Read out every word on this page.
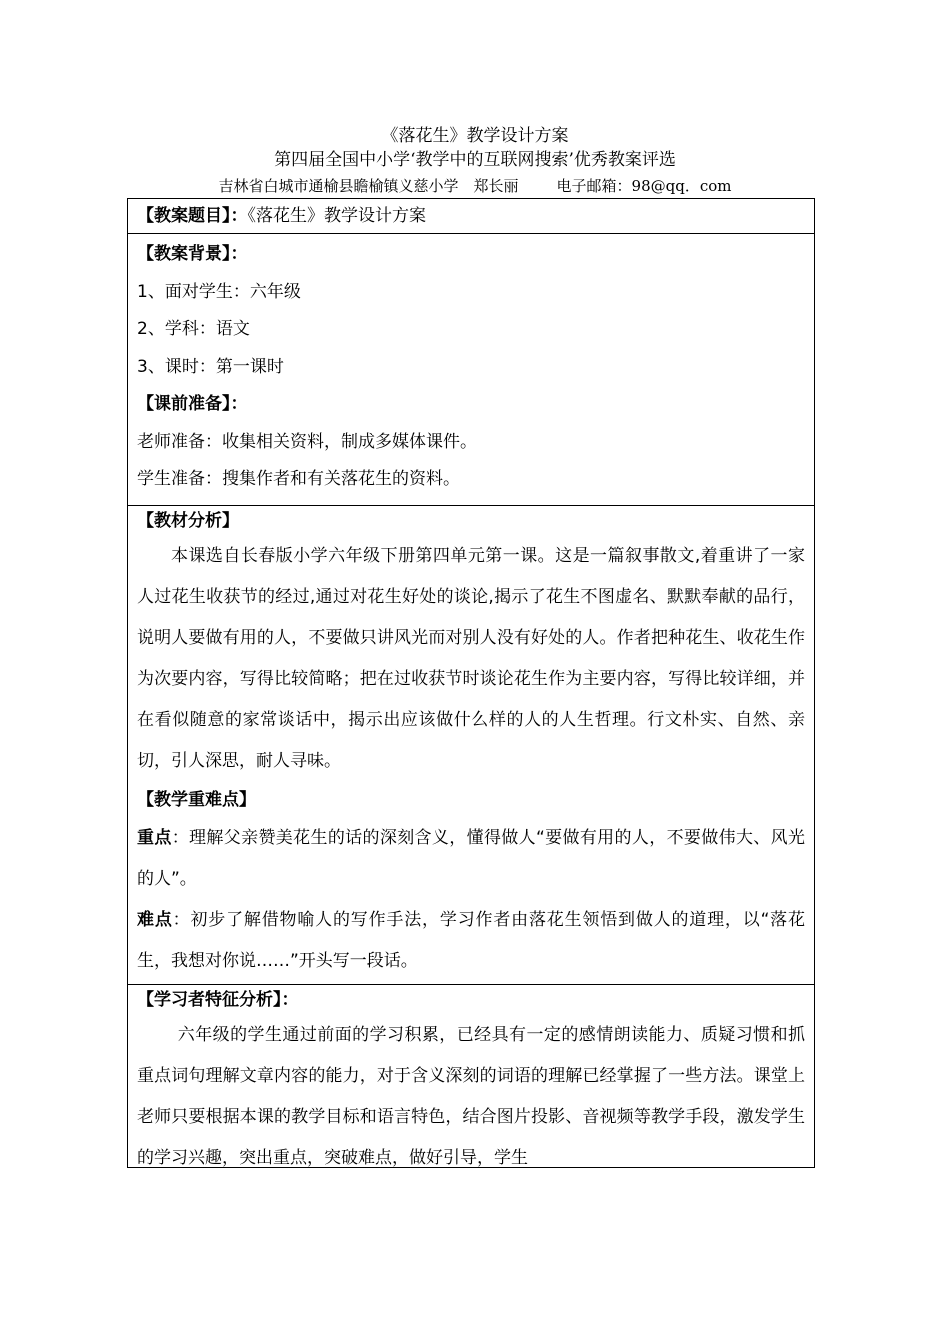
《落花生》教学设计方案
第四届全国中小学‘教学中的互联网搜索’优秀教案评选
吉林省白城市通榆县瞻榆镇义慈小学　郑长丽	电子邮箱：98@qq．com
【教案题目】：《落花生》教学设计方案

【教案背景】：
1、面对学生：六年级
2、学科：语文
3、课时：第一课时
【课前准备】：
老师准备：收集相关资料，制成多媒体课件。
学生准备：搜集作者和有关落花生的资料。

【教材分析】
本课选自长春版小学六年级下册第四单元第一课。这是一篇叙事散文,着重讲了一家人过花生收获节的经过,通过对花生好处的谈论,揭示了花生不图虚名、默默奉献的品行，说明人要做有用的人，不要做只讲风光而对别人没有好处的人。作者把种花生、收花生作为次要内容，写得比较简略；把在过收获节时谈论花生作为主要内容，写得比较详细，并在看似随意的家常谈话中，揭示出应该做什么样的人的人生哲理。行文朴实、自然、亲切，引人深思，耐人寻味。
【教学重难点】
重点：理解父亲赞美花生的话的深刻含义，懂得做人“要做有用的人，不要做伟大、风光的人”。
难点：初步了解借物喻人的写作手法，学习作者由落花生领悟到做人的道理，以“落花生，我想对你说……”开头写一段话。

【学习者特征分析】：
六年级的学生通过前面的学习积累，已经具有一定的感情朗读能力、质疑习惯和抓重点词句理解文章内容的能力，对于含义深刻的词语的理解已经掌握了一些方法。课堂上老师只要根据本课的教学目标和语言特色，结合图片投影、音视频等教学手段，激发学生的学习兴趣，突出重点，突破难点，做好引导，学生
